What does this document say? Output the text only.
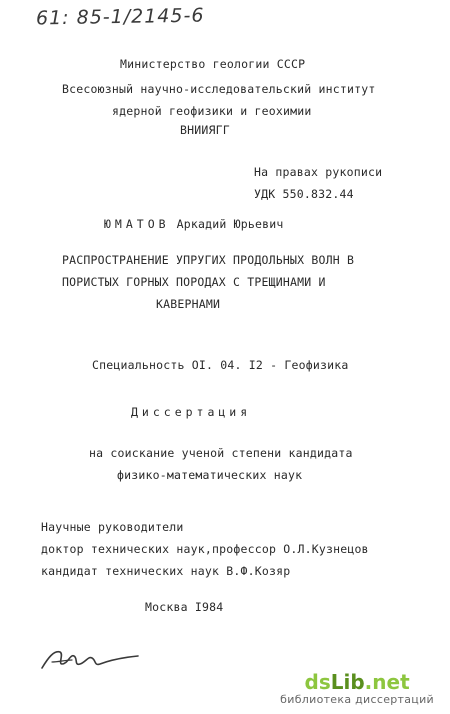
61: 85-1/2145-6
Министерство геологии СССР
Всесоюзный научно-исследовательский институт
ядерной геофизики и геохимии
ВНИИЯГГ
На правах рукописи
УДК 550.832.44
ЮМАТОВ Аркадий Юрьевич
РАСПРОСТРАНЕНИЕ УПРУГИХ ПРОДОЛЬНЫХ ВОЛН В
ПОРИСТЫХ ГОРНЫХ ПОРОДАХ С ТРЕЩИНАМИ И
КАВЕРНАМИ
Специальность OI. 04. I2 - Геофизика
Диссертация
на соискание ученой степени кандидата
физико-математических наук
Научные руководители
доктор технических наук,профессор О.Л.Кузнецов
кандидат технических наук В.Ф.Козяр
Москва I984
dsLib.net
библиотека диссертаций
